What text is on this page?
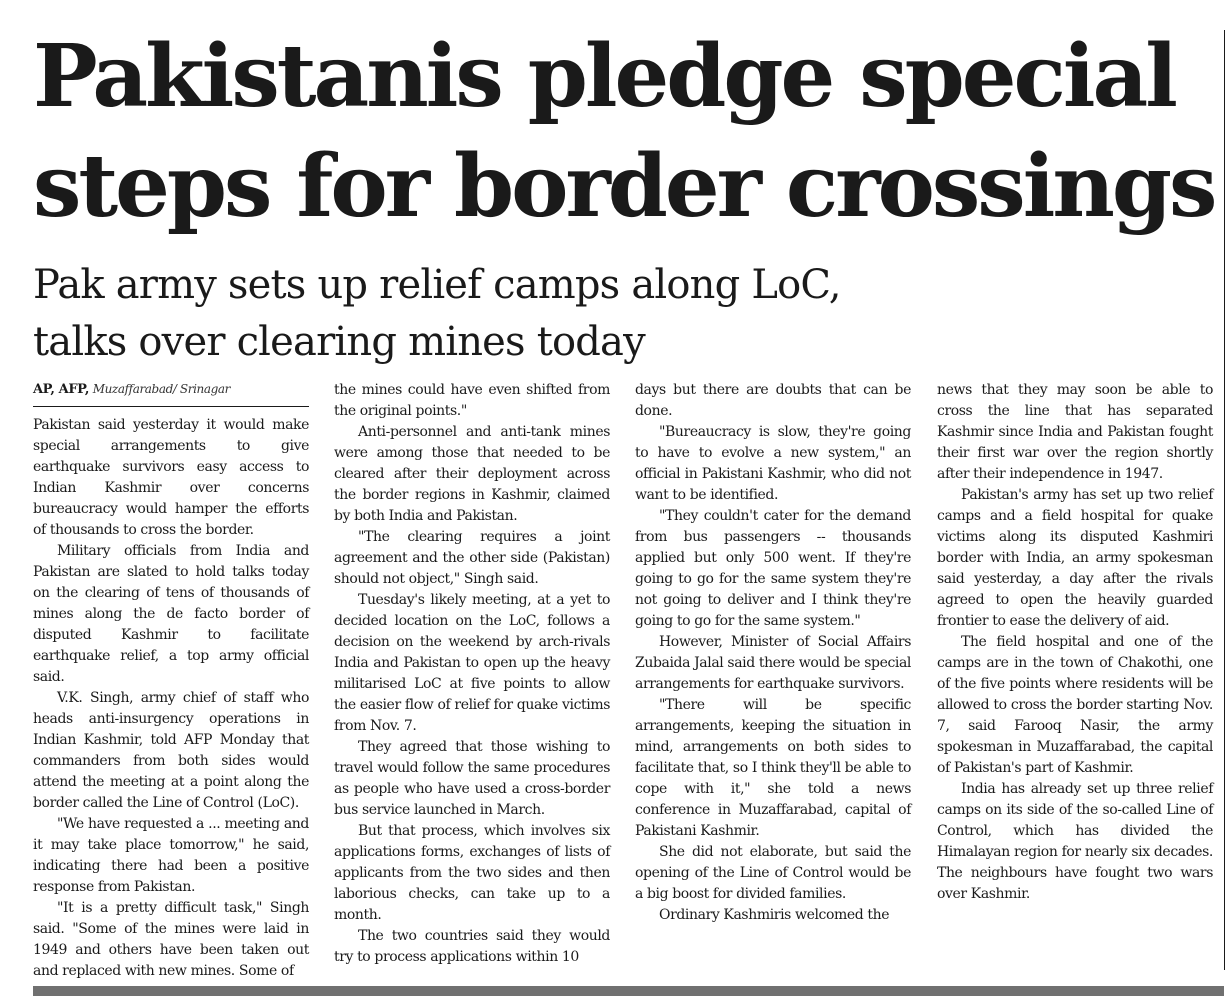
Pakistanis pledge special steps for border crossings
Pak army sets up relief camps along LoC, talks over clearing mines today
AP, AFP, Muzaffarabad/ Srinagar

Pakistan said yesterday it would make special arrangements to give earthquake survivors easy access to Indian Kashmir over concerns bureaucracy would hamper the efforts of thousands to cross the border.

Military officials from India and Pakistan are slated to hold talks today on the clearing of tens of thousands of mines along the de facto border of disputed Kashmir to facilitate earthquake relief, a top army official said.

V.K. Singh, army chief of staff who heads anti-insurgency operations in Indian Kashmir, told AFP Monday that commanders from both sides would attend the meeting at a point along the border called the Line of Control (LoC).

"We have requested a ... meeting and it may take place tomorrow," he said, indicating there had been a positive response from Pakistan.

"It is a pretty difficult task," Singh said. "Some of the mines were laid in 1949 and others have been taken out and replaced with new mines. Some of

the mines could have even shifted from the original points."

Anti-personnel and anti-tank mines were among those that needed to be cleared after their deployment across the border regions in Kashmir, claimed by both India and Pakistan.

"The clearing requires a joint agreement and the other side (Pakistan) should not object," Singh said.

Tuesday's likely meeting, at a yet to decided location on the LoC, follows a decision on the weekend by arch-rivals India and Pakistan to open up the heavy militarised LoC at five points to allow the easier flow of relief for quake victims from Nov. 7.

They agreed that those wishing to travel would follow the same procedures as people who have used a cross-border bus service launched in March.

But that process, which involves six applications forms, exchanges of lists of applicants from the two sides and then laborious checks, can take up to a month.

The two countries said they would try to process applications within 10

days but there are doubts that can be done.

"Bureaucracy is slow, they're going to have to evolve a new system," an official in Pakistani Kashmir, who did not want to be identified.

"They couldn't cater for the demand from bus passengers -- thousands applied but only 500 went. If they're going to go for the same system they're not going to deliver and I think they're going to go for the same system."

However, Minister of Social Affairs Zubaida Jalal said there would be special arrangements for earthquake survivors.

"There will be specific arrangements, keeping the situation in mind, arrangements on both sides to facilitate that, so I think they'll be able to cope with it," she told a news conference in Muzaffarabad, capital of Pakistani Kashmir.

She did not elaborate, but said the opening of the Line of Control would be a big boost for divided families.

Ordinary Kashmiris welcomed the

news that they may soon be able to cross the line that has separated Kashmir since India and Pakistan fought their first war over the region shortly after their independence in 1947.

Pakistan's army has set up two relief camps and a field hospital for quake victims along its disputed Kashmiri border with India, an army spokesman said yesterday, a day after the rivals agreed to open the heavily guarded frontier to ease the delivery of aid.

The field hospital and one of the camps are in the town of Chakothi, one of the five points where residents will be allowed to cross the border starting Nov. 7, said Farooq Nasir, the army spokesman in Muzaffarabad, the capital of Pakistan's part of Kashmir.

India has already set up three relief camps on its side of the so-called Line of Control, which has divided the Himalayan region for nearly six decades. The neighbours have fought two wars over Kashmir.
